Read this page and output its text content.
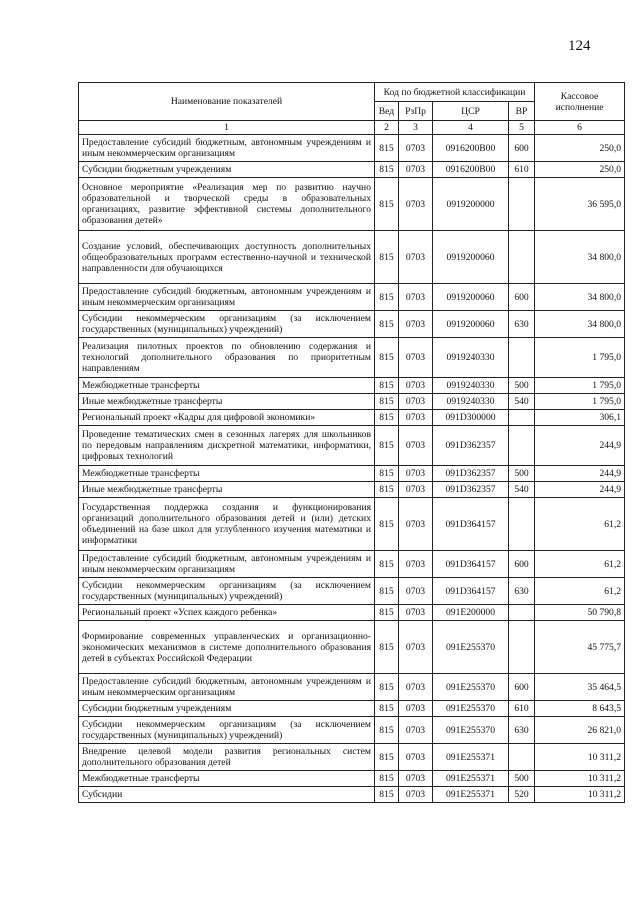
124
Наименование показателей	Код по бюджетной классификации				Кассовое исполнение
	Вед	РзПр	ЦСР	ВР	
1	2	3	4	5	6
Предоставление субсидий бюджетным, автономным учреждениям и иным некоммерческим организациям	815	0703	0916200В00	600	250,0
Субсидии бюджетным учреждениям	815	0703	0916200В00	610	250,0
Основное мероприятие «Реализация мер по развитию научно образовательной и творческой среды в образовательных организациях, развитие эффективной системы дополнительного образования детей»	815	0703	0919200000		36 595,0
Создание условий, обеспечивающих доступность дополнительных общеобразовательных программ естественно-научной и технической направленности для обучающихся	815	0703	0919200060		34 800,0
Предоставление субсидий бюджетным, автономным учреждениям и иным некоммерческим организациям	815	0703	0919200060	600	34 800,0
Субсидии некоммерческим организациям (за исключением государственных (муниципальных) учреждений)	815	0703	0919200060	630	34 800,0
Реализация пилотных проектов по обновлению содержания и технологий дополнительного образования по приоритетным направлениям	815	0703	0919240330		1 795,0
Межбюджетные трансферты	815	0703	0919240330	500	1 795,0
Иные межбюджетные трансферты	815	0703	0919240330	540	1 795,0
Региональный проект «Кадры для цифровой экономики»	815	0703	091D300000		306,1
Проведение тематических смен в сезонных лагерях для школьников по передовым направлениям дискретной математики, информатики, цифровых технологий	815	0703	091D362357		244,9
Межбюджетные трансферты	815	0703	091D362357	500	244,9
Иные межбюджетные трансферты	815	0703	091D362357	540	244,9
Государственная поддержка создания и функционирования организаций дополнительного образования детей и (или) детских объединений на базе школ для углубленного изучения математики и информатики	815	0703	091D364157		61,2
Предоставление субсидий бюджетным, автономным учреждениям и иным некоммерческим организациям	815	0703	091D364157	600	61,2
Субсидии некоммерческим организациям (за исключением государственных (муниципальных) учреждений)	815	0703	091D364157	630	61,2
Региональный проект «Успех каждого ребенка»	815	0703	091Е200000		50 790,8
Формирование современных управленческих и организационно-экономических механизмов в системе дополнительного образования детей в субъектах Российской Федерации	815	0703	091Е255370		45 775,7
Предоставление субсидий бюджетным, автономным учреждениям и иным некоммерческим организациям	815	0703	091Е255370	600	35 464,5
Субсидии бюджетным учреждениям	815	0703	091Е255370	610	8 643,5
Субсидии некоммерческим организациям (за исключением государственных (муниципальных) учреждений)	815	0703	091Е255370	630	26 821,0
Внедрение целевой модели развития региональных систем дополнительного образования детей	815	0703	091Е255371		10 311,2
Межбюджетные трансферты	815	0703	091Е255371	500	10 311,2
Субсидии	815	0703	091Е255371	520	10 311,2
